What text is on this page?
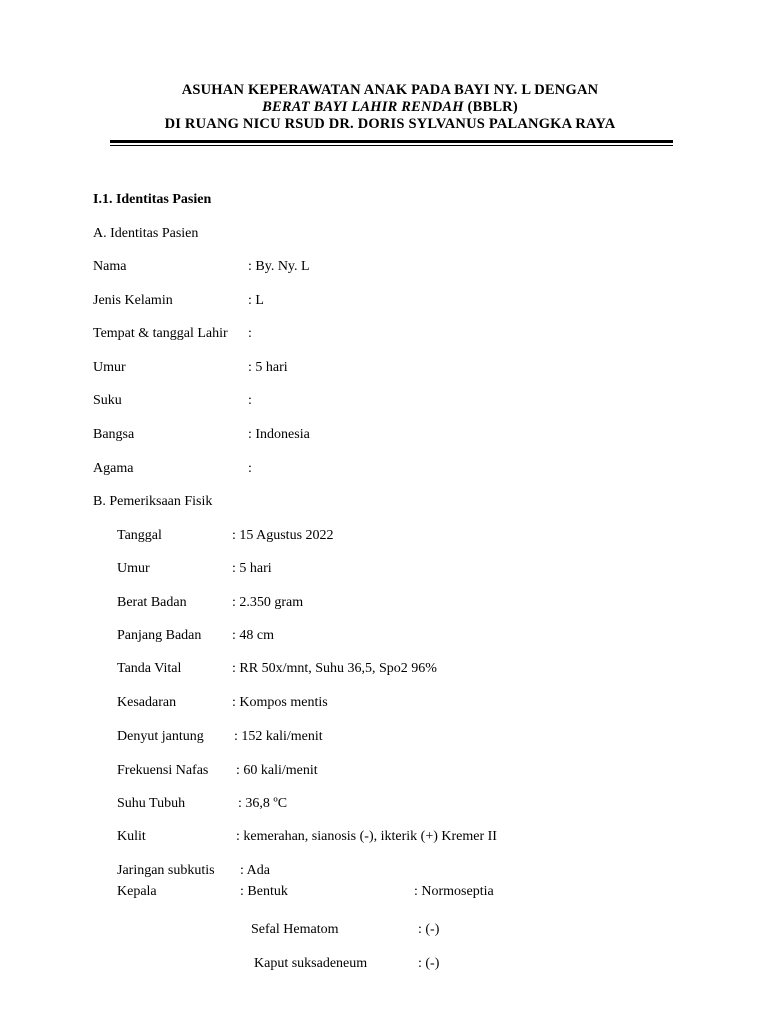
ASUHAN KEPERAWATAN ANAK PADA BAYI NY. L DENGAN
BERAT BAYI LAHIR RENDAH (BBLR)
DI RUANG NICU RSUD DR. DORIS SYLVANUS PALANGKA RAYA
I.1. Identitas Pasien
A. Identitas Pasien
Nama	: By. Ny. L
Jenis Kelamin	: L
Tempat & tanggal Lahir :
Umur	: 5 hari
Suku	:
Bangsa	: Indonesia
Agama	:
B. Pemeriksaan Fisik
Tanggal	: 15 Agustus 2022
Umur	: 5 hari
Berat Badan	: 2.350 gram
Panjang Badan : 48 cm
Tanda Vital	: RR 50x/mnt, Suhu 36,5, Spo2 96%
Kesadaran	: Kompos mentis
Denyut jantung : 152 kali/menit
Frekuensi Nafas : 60 kali/menit
Suhu Tubuh	: 36,8 ºC
Kulit	: kemerahan, sianosis (-), ikterik (+) Kremer II
Jaringan subkutis : Ada
Kepala	: Bentuk	: Normoseptia
Sefal Hematom	: (-)
Kaput suksadeneum	: (-)
